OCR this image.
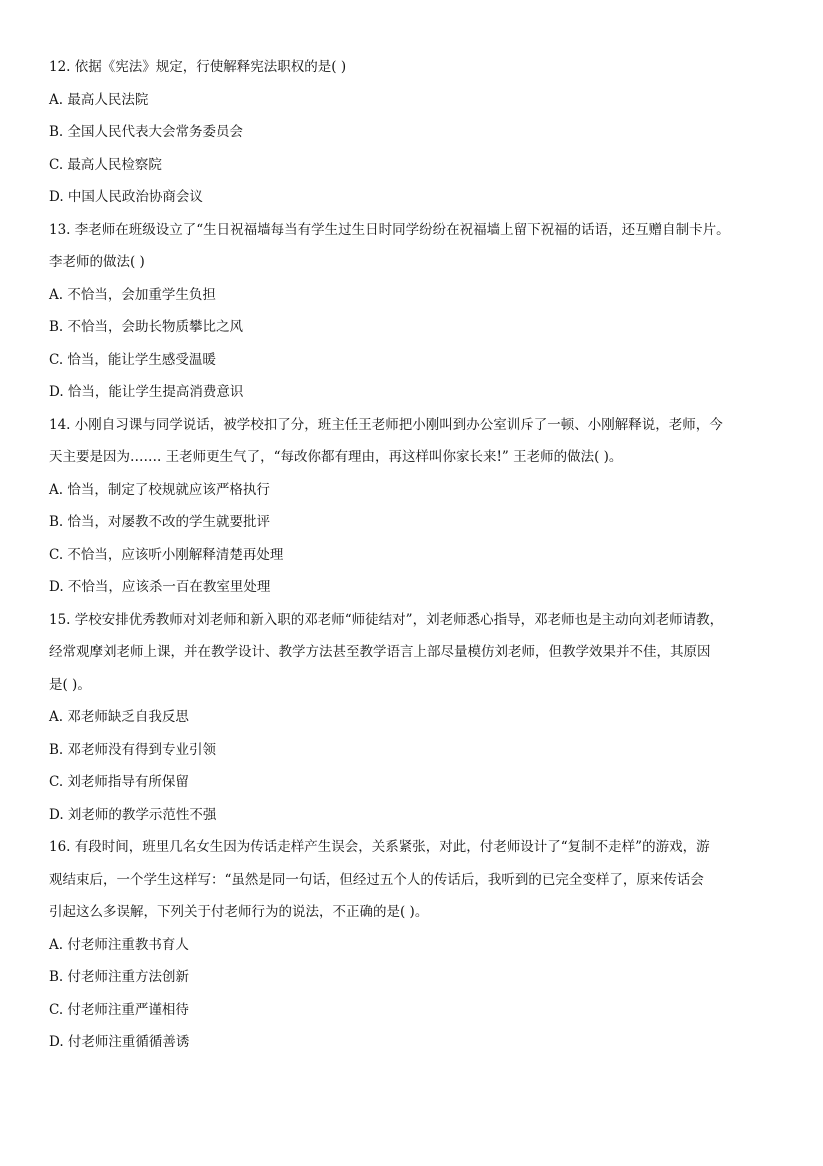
12. 依据《宪法》规定，行使解释宪法职权的是( )
A. 最高人民法院
B. 全国人民代表大会常务委员会
C. 最高人民检察院
D. 中国人民政治协商会议
13. 李老师在班级设立了“生日祝福墙每当有学生过生日时同学纷纷在祝福墙上留下祝福的话语，还互赠自制卡片。
李老师的做法( )
A. 不恰当，会加重学生负担
B. 不恰当，会助长物质攀比之风
C. 恰当，能让学生感受温暖
D. 恰当，能让学生提高消费意识
14. 小刚自习课与同学说话，被学校扣了分，班主任王老师把小刚叫到办公室训斥了一顿、小刚解释说，老师，今
天主要是因为……. 王老师更生气了，“每改你都有理由，再这样叫你家长来!” 王老师的做法( )。
A. 恰当，制定了校规就应该严格执行
B. 恰当，对屡教不改的学生就要批评
C. 不恰当，应该听小刚解释清楚再处理
D. 不恰当，应该杀一百在教室里处理
15. 学校安排优秀教师对刘老师和新入职的邓老师“师徒结对”，刘老师悉心指导，邓老师也是主动向刘老师请教，
经常观摩刘老师上课，并在教学设计、教学方法甚至教学语言上部尽量模仿刘老师，但教学效果并不佳，其原因
是( )。
A. 邓老师缺乏自我反思
B. 邓老师没有得到专业引领
C. 刘老师指导有所保留
D. 刘老师的教学示范性不强
16. 有段时间，班里几名女生因为传话走样产生误会，关系紧张，对此，付老师设计了“复制不走样”的游戏，游
观结束后，一个学生这样写：“虽然是同一句话，但经过五个人的传话后，我听到的已完全变样了，原来传话会
引起这么多误解，下列关于付老师行为的说法，不正确的是( )。
A. 付老师注重教书育人
B. 付老师注重方法创新
C. 付老师注重严谨相待
D. 付老师注重循循善诱
